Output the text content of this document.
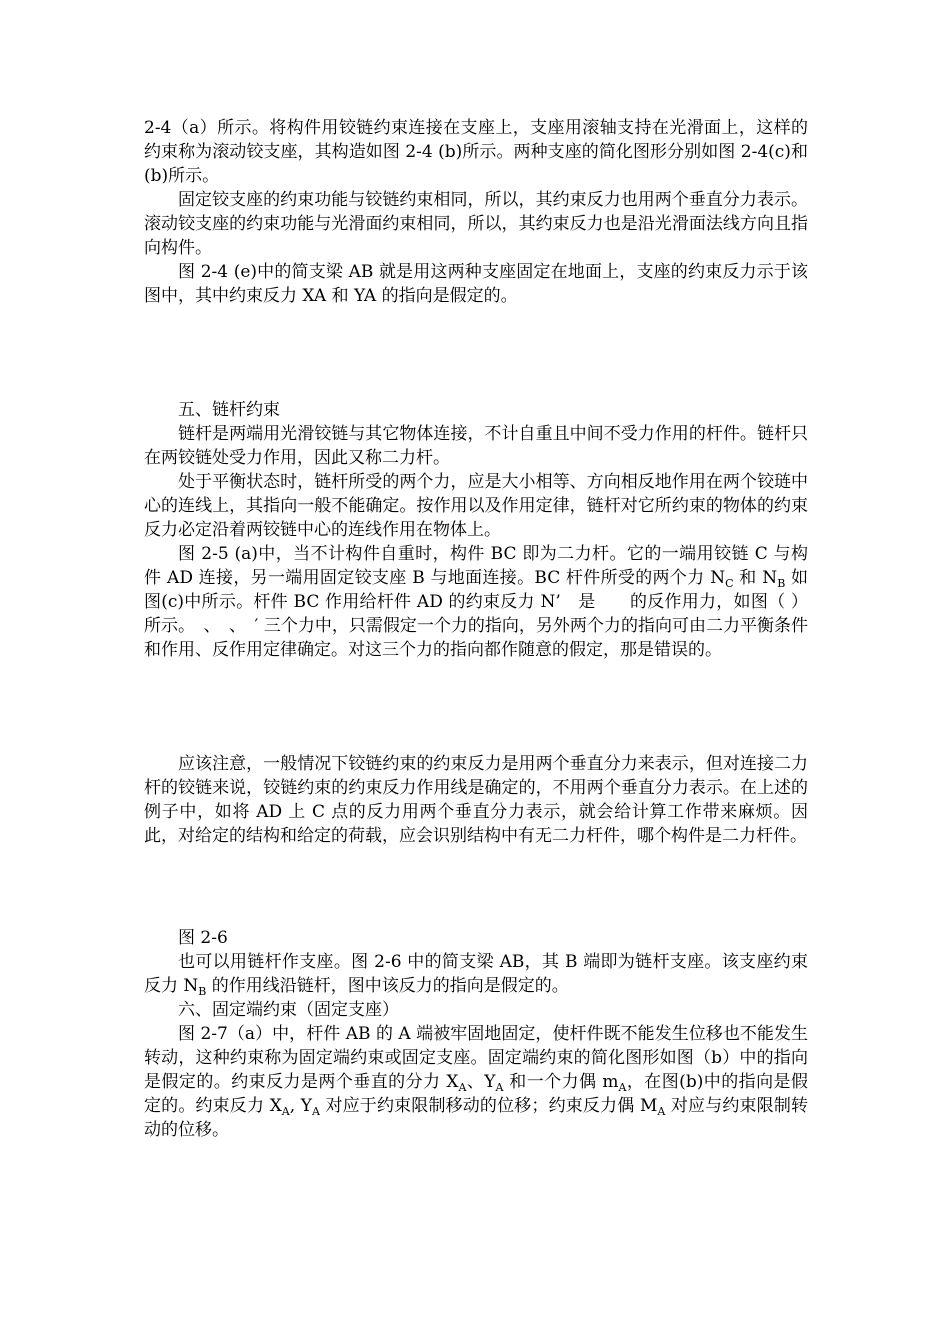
2-4（a）所示。将构件用铰链约束连接在支座上，支座用滚轴支持在光滑面上，这样的约束称为滚动铰支座，其构造如图 2-4 (b)所示。两种支座的简化图形分别如图 2-4(c)和(b)所示。

固定铰支座的约束功能与铰链约束相同，所以，其约束反力也用两个垂直分力表示。滚动铰支座的约束功能与光滑面约束相同，所以，其约束反力也是沿光滑面法线方向且指向构件。

图 2-4 (e)中的简支梁 AB 就是用这两种支座固定在地面上，支座的约束反力示于该图中，其中约束反力 XA 和 YA 的指向是假定的。

五、链杆约束

链杆是两端用光滑铰链与其它物体连接，不计自重且中间不受力作用的杆件。链杆只在两铰链处受力作用，因此又称二力杆。

处于平衡状态时，链杆所受的两个力，应是大小相等、方向相反地作用在两个铰琏中心的连线上，其指向一般不能确定。按作用以及作用定律，链杆对它所约束的物体的约束反力必定沿着两铰链中心的连线作用在物体上。

图 2-5 (a)中，当不计构件自重时，构件 BC 即为二力杆。它的一端用铰链 C 与构件 AD 连接，另一端用固定铰支座 B 与地面连接。BC 杆件所受的两个力 $N_C$ 和 $N_B$ 如图(c)中所示。杆件 BC 作用给杆件 AD 的约束反力 N’　是　　的反作用力，如图（ ）所示。　、　、　′ 三个力中，只需假定一个力的指向，另外两个力的指向可由二力平衡条件和作用、反作用定律确定。对这三个力的指向都作随意的假定，那是错误的。

应该注意，一般情况下铰链约束的约束反力是用两个垂直分力来表示，但对连接二力杆的铰链来说，铰链约束的约束反力作用线是确定的，不用两个垂直分力表示。在上述的例子中，如将 AD 上 C 点的反力用两个垂直分力表示，就会给计算工作带来麻烦。因此，对给定的结构和给定的荷载，应会识别结构中有无二力杆件，哪个构件是二力杆件。

图 2-6

也可以用链杆作支座。图 2-6 中的简支梁 AB，其 B 端即为链杆支座。该支座约束反力 $N_B$ 的作用线沿链杆，图中该反力的指向是假定的。

六、固定端约束（固定支座）

图 2-7（a）中，杆件 AB 的 A 端被牢固地固定，使杆件既不能发生位移也不能发生转动，这种约束称为固定端约束或固定支座。固定端约束的简化图形如图（b）中的指向是假定的。约束反力是两个垂直的分力 $X_A$、$Y_A$ 和一个力偶 $m_A$，在图(b)中的指向是假定的。约束反力 $X_A$, $Y_A$ 对应于约束限制移动的位移；约束反力偶 $M_A$ 对应与约束限制转动的位移。
